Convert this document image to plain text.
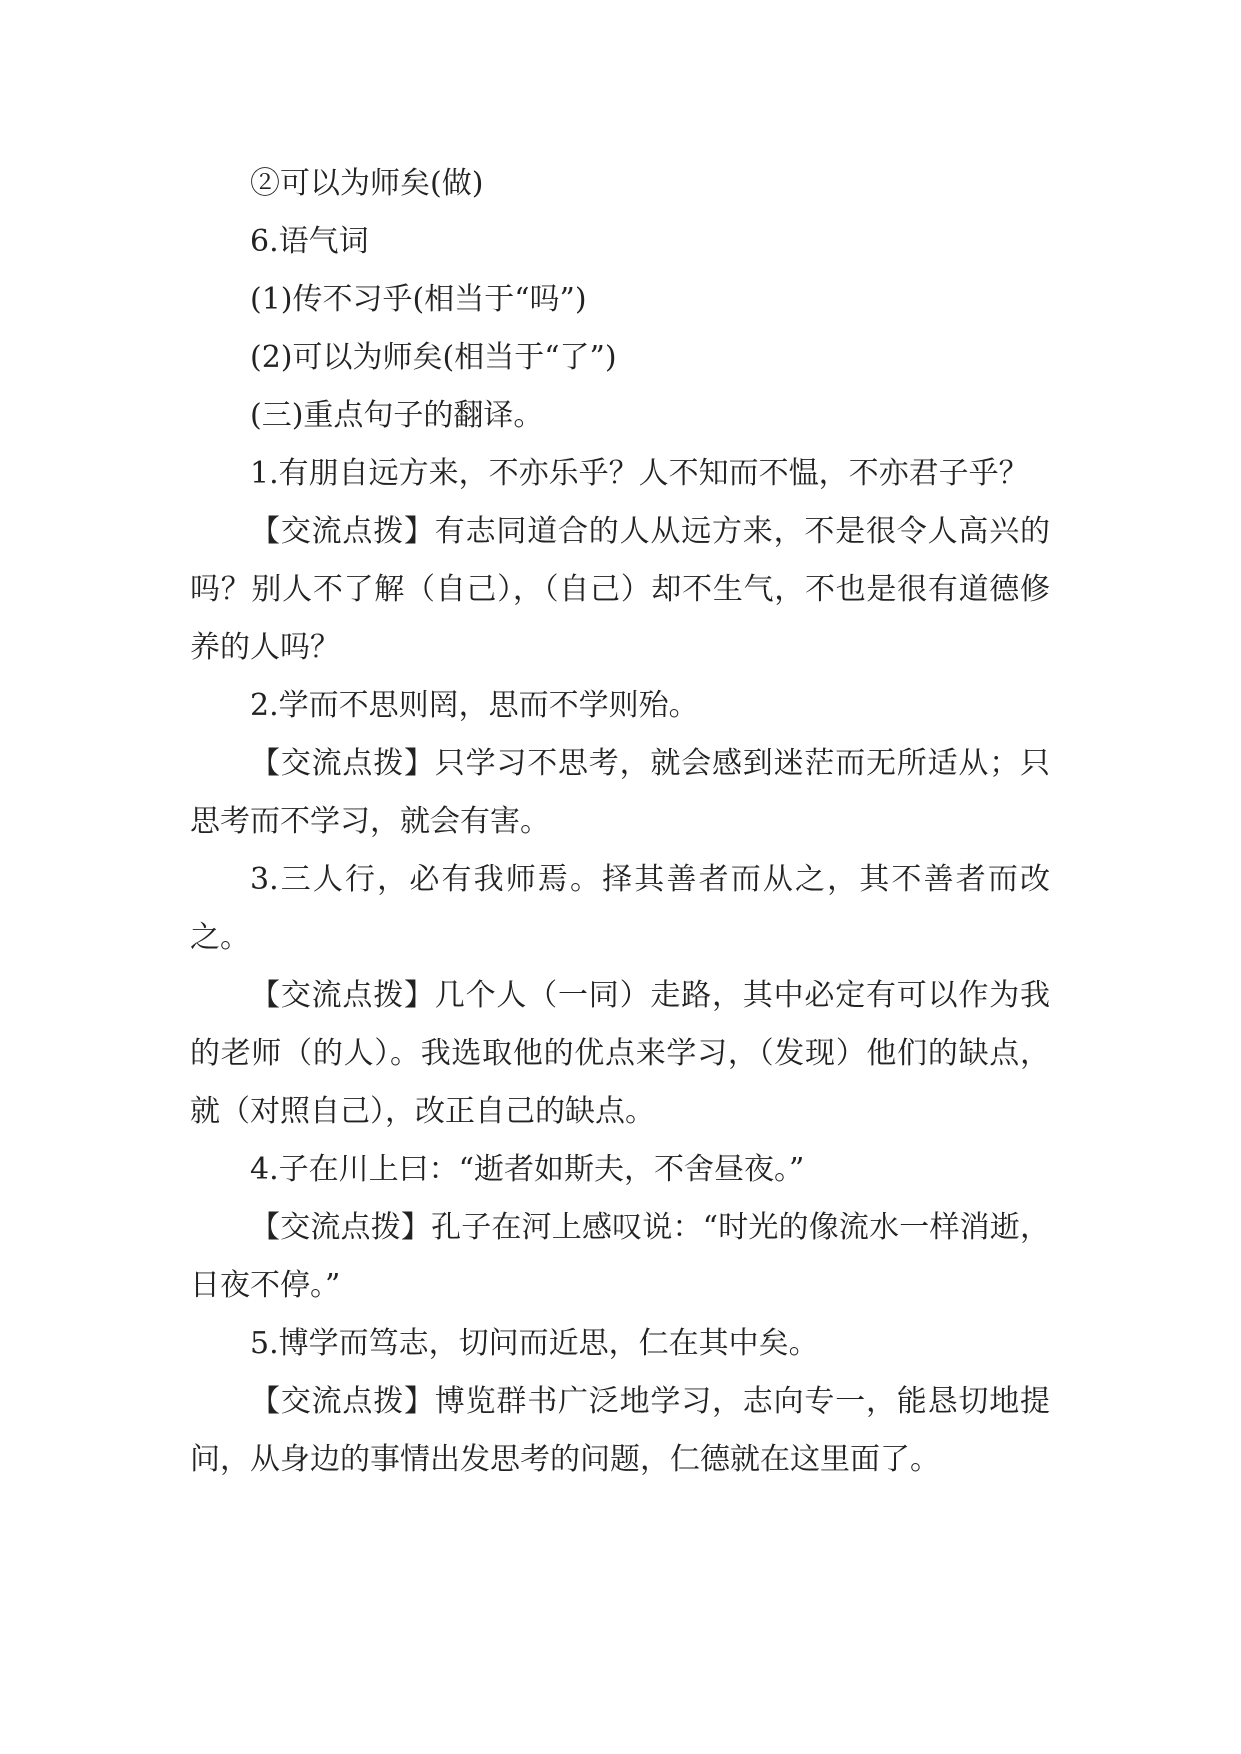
②可以为师矣(做)

6.语气词

(1)传不习乎(相当于“吗”)

(2)可以为师矣(相当于“了”)

(三)重点句子的翻译。

1.有朋自远方来，不亦乐乎？人不知而不愠，不亦君子乎？

【交流点拨】有志同道合的人从远方来，不是很令人高兴的吗？别人不了解（自己），（自己）却不生气，不也是很有道德修养的人吗？

2.学而不思则罔，思而不学则殆。

【交流点拨】只学习不思考，就会感到迷茫而无所适从；只思考而不学习，就会有害。

3.三人行，必有我师焉。择其善者而从之，其不善者而改之。

【交流点拨】几个人（一同）走路，其中必定有可以作为我的老师（的人）。我选取他的优点来学习，（发现）他们的缺点，就（对照自己），改正自己的缺点。

4.子在川上曰：“逝者如斯夫，不舍昼夜。”

【交流点拨】孔子在河上感叹说：“时光的像流水一样消逝，日夜不停。”

5.博学而笃志，切问而近思，仁在其中矣。

【交流点拨】博览群书广泛地学习，志向专一，能恳切地提问，从身边的事情出发思考的问题，仁德就在这里面了。
